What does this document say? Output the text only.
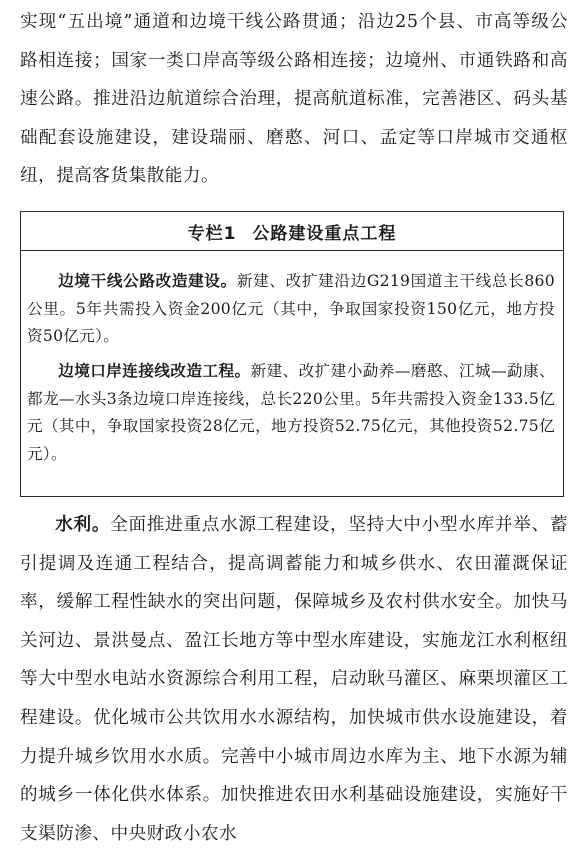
实现“五出境”通道和边境干线公路贯通；沿边25个县、市高等级公路相连接；国家一类口岸高等级公路相连接；边境州、市通铁路和高速公路。推进沿边航道综合治理，提高航道标准，完善港区、码头基础配套设施建设，建设瑞丽、磨憨、河口、孟定等口岸城市交通枢纽，提高客货集散能力。

专栏1 公路建设重点工程

边境干线公路改造建设。新建、改扩建沿边G219国道主干线总长860公里。5年共需投入资金200亿元（其中，争取国家投资150亿元，地方投资50亿元）。

边境口岸连接线改造工程。新建、改扩建小勐养—磨憨、江城—勐康、都龙—水头3条边境口岸连接线，总长220公里。5年共需投入资金133.5亿元（其中，争取国家投资28亿元，地方投资52.75亿元，其他投资52.75亿元）。

水利。全面推进重点水源工程建设，坚持大中小型水库并举、蓄引提调及连通工程结合，提高调蓄能力和城乡供水、农田灌溉保证率，缓解工程性缺水的突出问题，保障城乡及农村供水安全。加快马关河边、景洪曼点、盈江长地方等中型水库建设，实施龙江水利枢纽等大中型水电站水资源综合利用工程，启动耿马灌区、麻栗坝灌区工程建设。优化城市公共饮用水水源结构，加快城市供水设施建设，着力提升城乡饮用水水质。完善中小城市周边水库为主、地下水源为辅的城乡一体化供水体系。加快推进农田水利基础设施建设，实施好干支渠防渗、中央财政小农水
